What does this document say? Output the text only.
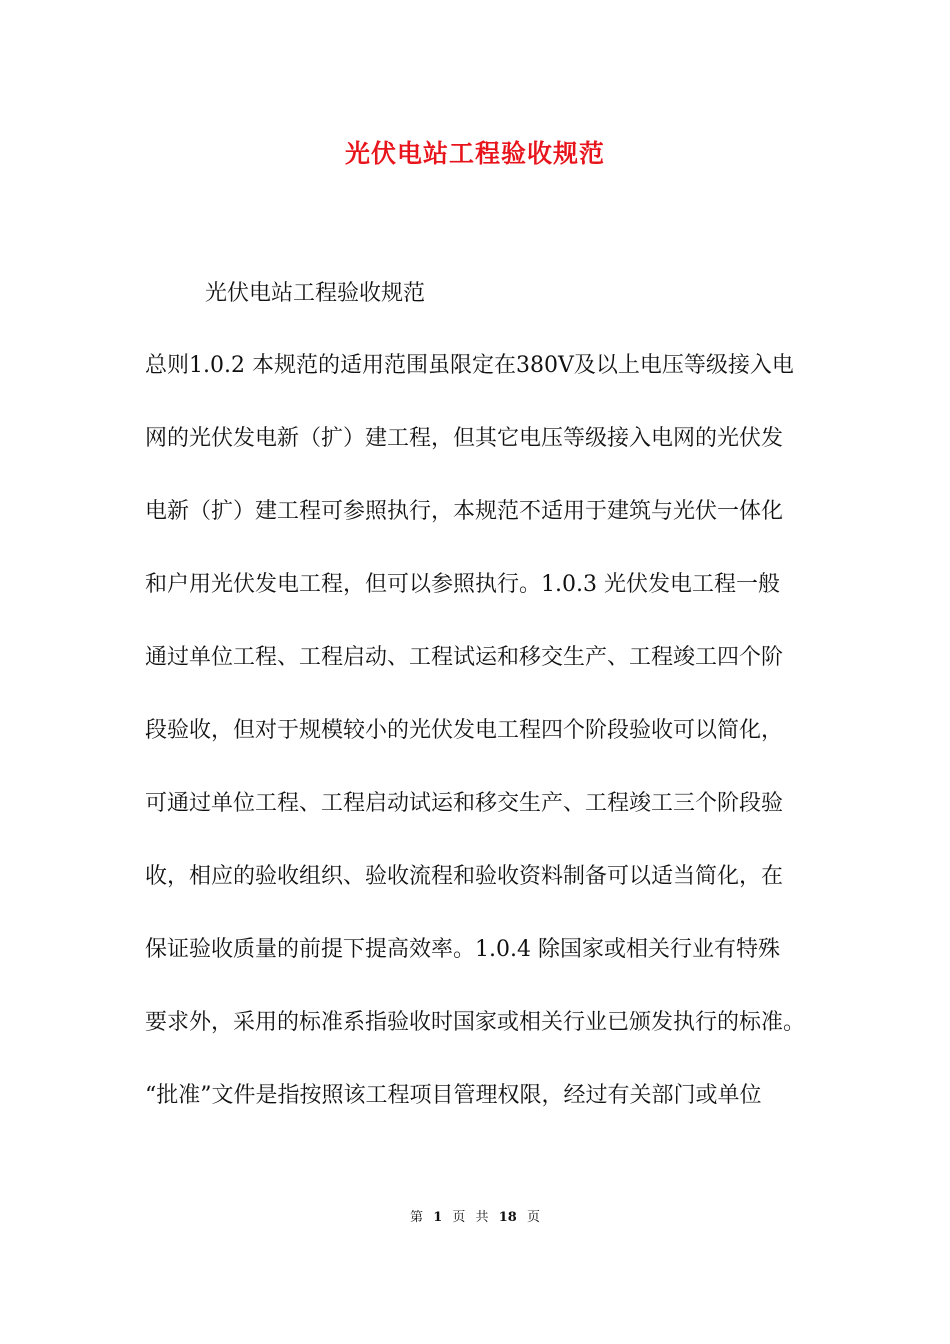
光伏电站工程验收规范
光伏电站工程验收规范
总则1.0.2 本规范的适用范围虽限定在380V及以上电压等级接入电
网的光伏发电新（扩）建工程，但其它电压等级接入电网的光伏发
电新（扩）建工程可参照执行，本规范不适用于建筑与光伏一体化
和户用光伏发电工程，但可以参照执行。1.0.3 光伏发电工程一般
通过单位工程、工程启动、工程试运和移交生产、工程竣工四个阶
段验收，但对于规模较小的光伏发电工程四个阶段验收可以简化，
可通过单位工程、工程启动试运和移交生产、工程竣工三个阶段验
收，相应的验收组织、验收流程和验收资料制备可以适当简化，在
保证验收质量的前提下提高效率。1.0.4 除国家或相关行业有特殊
要求外，采用的标准系指验收时国家或相关行业已颁发执行的标准。
“批准”文件是指按照该工程项目管理权限，经过有关部门或单位
第 1 页 共 18 页
